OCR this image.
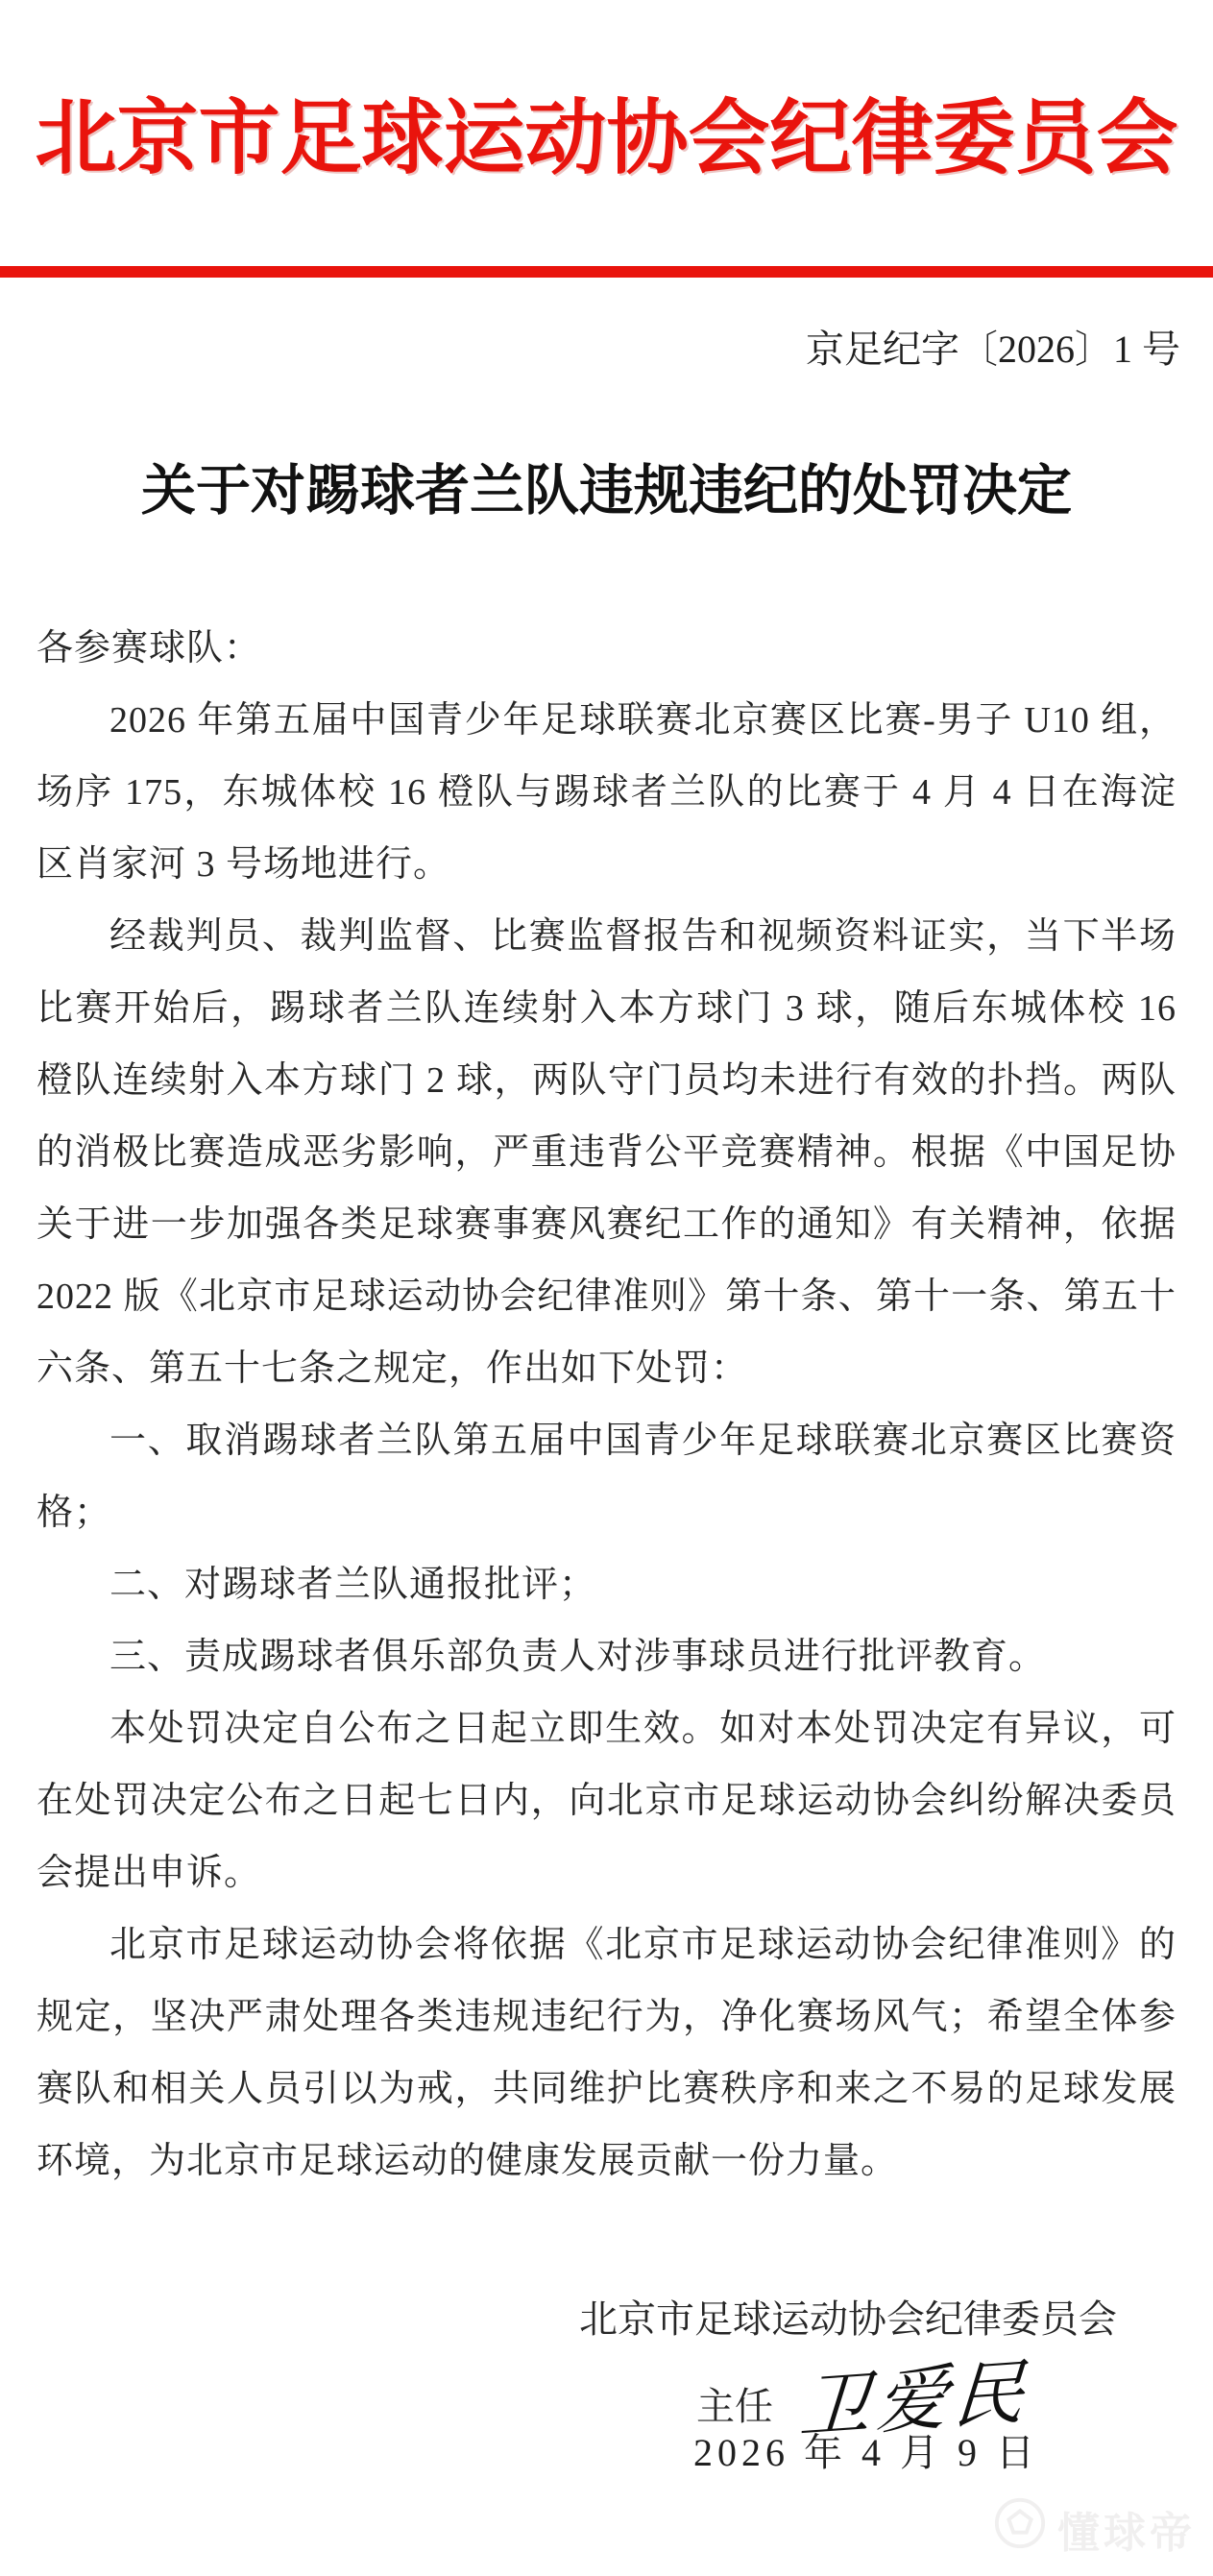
北京市足球运动协会纪律委员会
京足纪字〔2026〕1 号
关于对踢球者兰队违规违纪的处罚决定

各参赛球队：

2026 年第五届中国青少年足球联赛北京赛区比赛-男子 U10 组，场序 175，东城体校 16 橙队与踢球者兰队的比赛于 4 月 4 日在海淀区肖家河 3 号场地进行。

经裁判员、裁判监督、比赛监督报告和视频资料证实，当下半场比赛开始后，踢球者兰队连续射入本方球门 3 球，随后东城体校 16 橙队连续射入本方球门 2 球，两队守门员均未进行有效的扑挡。两队的消极比赛造成恶劣影响，严重违背公平竞赛精神。根据《中国足协关于进一步加强各类足球赛事赛风赛纪工作的通知》有关精神，依据 2022 版《北京市足球运动协会纪律准则》第十条、第十一条、第五十六条、第五十七条之规定，作出如下处罚：

一、取消踢球者兰队第五届中国青少年足球联赛北京赛区比赛资格；

二、对踢球者兰队通报批评；

三、责成踢球者俱乐部负责人对涉事球员进行批评教育。

本处罚决定自公布之日起立即生效。如对本处罚决定有异议，可在处罚决定公布之日起七日内，向北京市足球运动协会纠纷解决委员会提出申诉。

北京市足球运动协会将依据《北京市足球运动协会纪律准则》的规定，坚决严肃处理各类违规违纪行为，净化赛场风气；希望全体参赛队和相关人员引以为戒，共同维护比赛秩序和来之不易的足球发展环境，为北京市足球运动的健康发展贡献一份力量。

北京市足球运动协会纪律委员会
主任 卫爱民
2026 年 4 月 9 日
懂球帝
